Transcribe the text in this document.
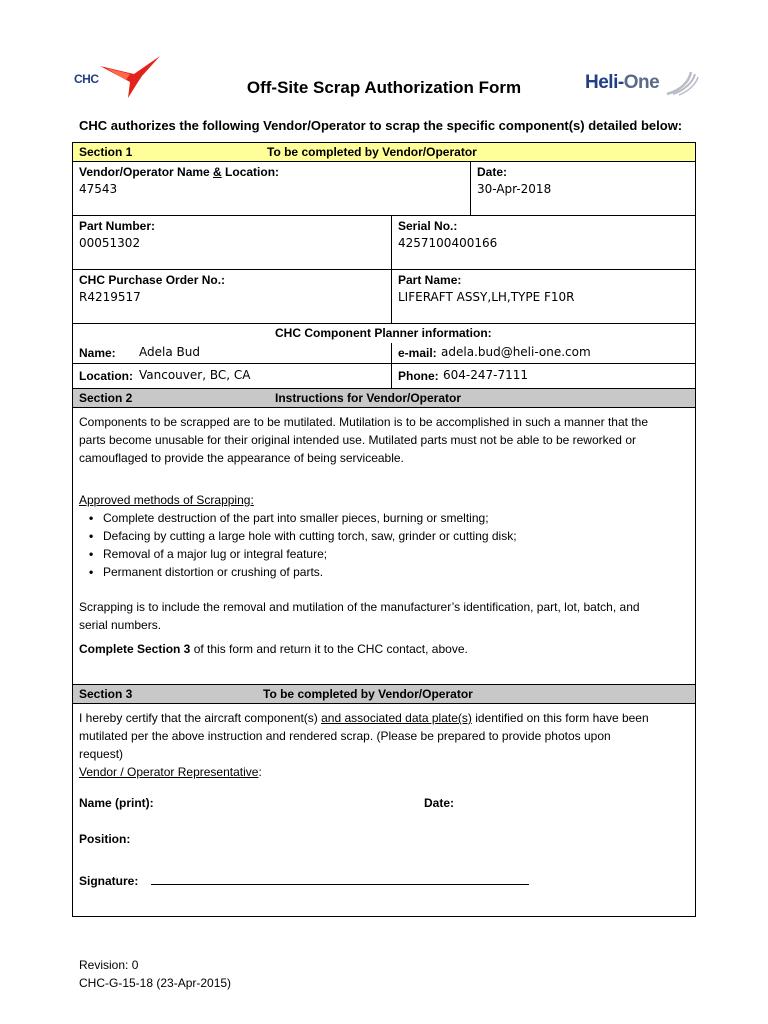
CHC	Off-Site Scrap Authorization Form	Heli-One
CHC authorizes the following Vendor/Operator to scrap the specific component(s) detailed below:
Section 1	To be completed by Vendor/Operator
Vendor/Operator Name & Location:
47543
Date:
30-Apr-2018
Part Number:
00051302
Serial No.:
4257100400166
CHC Purchase Order No.:
R4219517
Part Name:
LIFERAFT ASSY,LH,TYPE F10R
CHC Component Planner information:
Name: Adela Bud	e-mail: adela.bud@heli-one.com
Location: Vancouver, BC, CA	Phone: 604-247-7111
Section 2	Instructions for Vendor/Operator
Components to be scrapped are to be mutilated. Mutilation is to be accomplished in such a manner that the
parts become unusable for their original intended use. Mutilated parts must not be able to be reworked or
camouflaged to provide the appearance of being serviceable.
Approved methods of Scrapping:
• Complete destruction of the part into smaller pieces, burning or smelting;
• Defacing by cutting a large hole with cutting torch, saw, grinder or cutting disk;
• Removal of a major lug or integral feature;
• Permanent distortion or crushing of parts.
Scrapping is to include the removal and mutilation of the manufacturer’s identification, part, lot, batch, and
serial numbers.
Complete Section 3 of this form and return it to the CHC contact, above.
Section 3	To be completed by Vendor/Operator
I hereby certify that the aircraft component(s) and associated data plate(s) identified on this form have been
mutilated per the above instruction and rendered scrap. (Please be prepared to provide photos upon
request)
Vendor / Operator Representative:
Name (print):	Date:
Position:
Signature:
Revision: 0
CHC-G-15-18 (23-Apr-2015)
